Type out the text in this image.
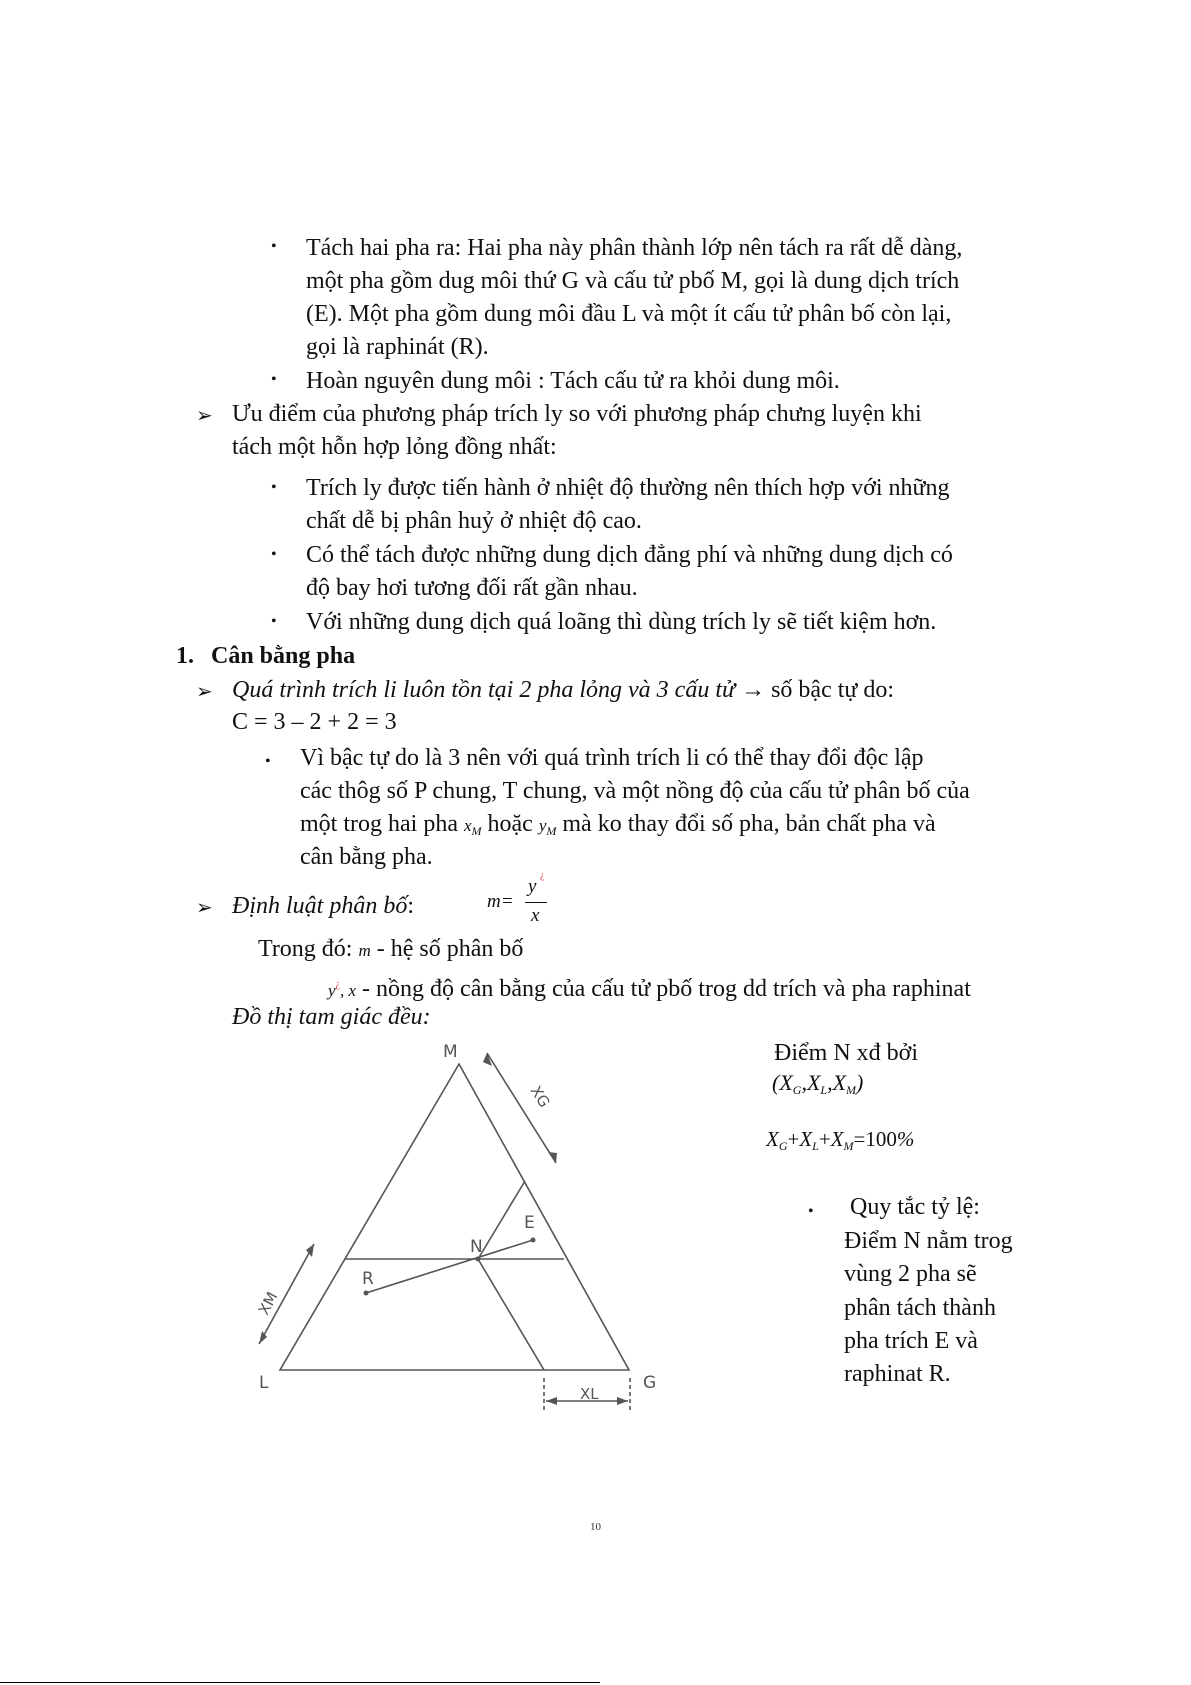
• Tách hai pha ra: Hai pha này phân thành lớp nên tách ra rất dễ dàng,
một pha gồm dug môi thứ G và cấu tử pbố M, gọi là dung dịch trích
(E). Một pha gồm dung môi đầu L và một ít cấu tử phân bố còn lại,
gọi là raphinát (R).
• Hoàn nguyên dung môi : Tách cấu tử ra khỏi dung môi.
➢ Ưu điểm của phương pháp trích ly so với phương pháp chưng luyện khi
tách một hỗn hợp lỏng đồng nhất:
• Trích ly được tiến hành ở nhiệt độ thường nên thích hợp với những
chất dễ bị phân huỷ ở nhiệt độ cao.
• Có thể tách được những dung dịch đẳng phí và những dung dịch có
độ bay hơi tương đối rất gần nhau.
• Với những dung dịch quá loãng thì dùng trích ly sẽ tiết kiệm hơn.
1. Cân bằng pha
➢ Quá trình trích li luôn tồn tại 2 pha lỏng và 3 cấu tử → số bậc tự do:
C = 3 – 2 + 2 = 3
• Vì bậc tự do là 3 nên với quá trình trích li có thể thay đổi độc lập
các thôg số P chung, T chung, và một nồng độ của cấu tử phân bố của
một trog hai pha $x_M$ hoặc $y_M$ mà ko thay đổi số pha, bản chất pha và
cân bằng pha.
➢ Định luật phân bố:	m=
y
¿
x
Trong đó: m - hệ số phân bố
y¿, x - nồng độ cân bằng của cấu tử pbố trog dd trích và pha raphinat
Đồ thị tam giác đều:
M
L	G
N
E
R
XL
XG
XM
Điểm N xđ bởi
$(X_G,X_L,X_M)$
$X_G+X_L+X_M=100\%$
• Quy tắc tỷ lệ:
Điểm N nằm trog
vùng 2 pha sẽ
phân tách thành
pha trích E và
raphinat R.
10
